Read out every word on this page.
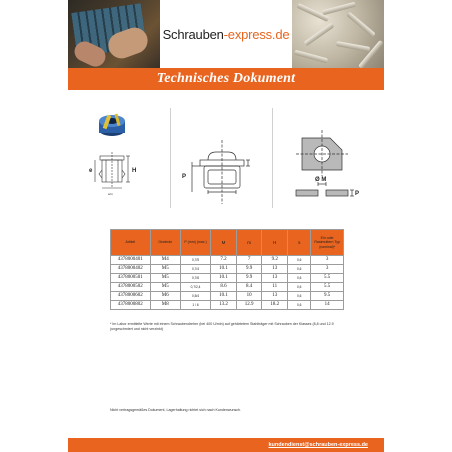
Schrauben-express.de
Technisches Dokument
H
e
s/m
P	Ø M
P
Artikel	Gewinde	P (mm) (max.)	M	m	H	s	Ein oder Rastmuttern Typ (nominal)*
4378000401	M4	0,7/5	7.2	7	9.2	0,6	3
4378000402	M5	0,7/4	10.1	9.9	13	0,6	3
4378000501	M5	0,7/6	10.1	9.9	13	0,6	5.5
4378000502	M5	0,7/2,4	8.6	8.4	11	0,6	5.5
4378000602	M6	0,5/4	10.1	10	13	0,6	9.5
4378000802	M8	1 / 6	13.2	12.9	18.2	0,6	14

* Im Labor ermittelte Werte mit einem Schraubendreher (bei 400 U/min) auf gehärtetem Stahlträger mit Schrauben der Klasses (8,8 und 12.9 (ungeschmiert und nicht verzinkt)

Nicht vertragsgemäßes Dokument, Lagerhaltung richtet sich nach Kundenwunsch.

kundendienst@schrauben-express.de
